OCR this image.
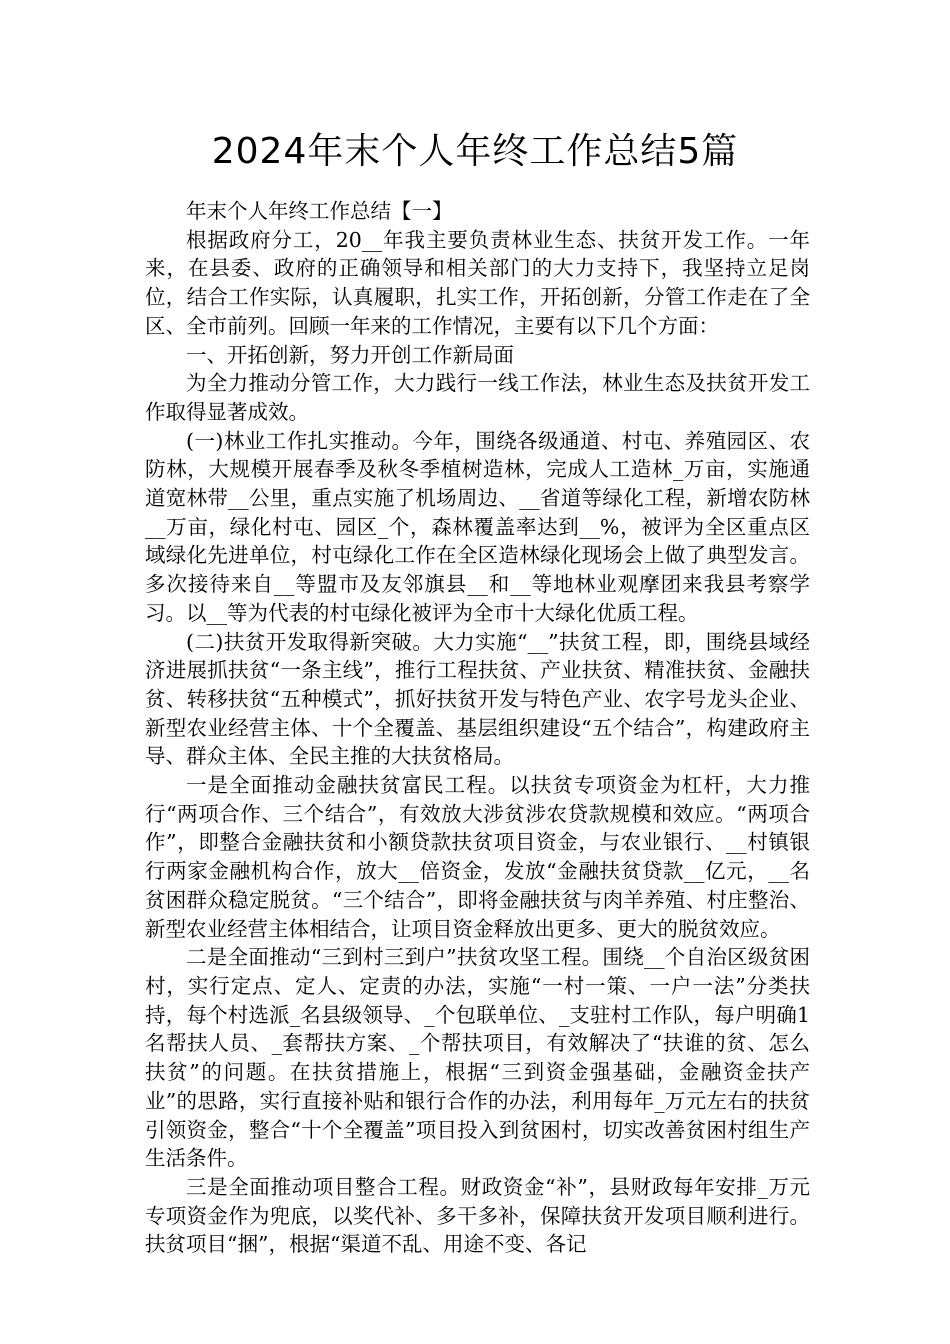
2024年末个人年终工作总结5篇

年末个人年终工作总结【一】

根据政府分工，20__年我主要负责林业生态、扶贫开发工作。一年来，在县委、政府的正确领导和相关部门的大力支持下，我坚持立足岗位，结合工作实际，认真履职，扎实工作，开拓创新，分管工作走在了全区、全市前列。回顾一年来的工作情况，主要有以下几个方面：

一、开拓创新，努力开创工作新局面

为全力推动分管工作，大力践行一线工作法，林业生态及扶贫开发工作取得显著成效。

(一)林业工作扎实推动。今年，围绕各级通道、村屯、养殖园区、农防林，大规模开展春季及秋冬季植树造林，完成人工造林_万亩，实施通道宽林带__公里，重点实施了机场周边、__省道等绿化工程，新增农防林__万亩，绿化村屯、园区_个，森林覆盖率达到__%，被评为全区重点区域绿化先进单位，村屯绿化工作在全区造林绿化现场会上做了典型发言。多次接待来自__等盟市及友邻旗县__和__等地林业观摩团来我县考察学习。以__等为代表的村屯绿化被评为全市十大绿化优质工程。

(二)扶贫开发取得新突破。大力实施“__”扶贫工程，即，围绕县域经济进展抓扶贫“一条主线”，推行工程扶贫、产业扶贫、精准扶贫、金融扶贫、转移扶贫“五种模式”，抓好扶贫开发与特色产业、农字号龙头企业、新型农业经营主体、十个全覆盖、基层组织建设“五个结合”，构建政府主导、群众主体、全民主推的大扶贫格局。

一是全面推动金融扶贫富民工程。以扶贫专项资金为杠杆，大力推行“两项合作、三个结合”，有效放大涉贫涉农贷款规模和效应。“两项合作”，即整合金融扶贫和小额贷款扶贫项目资金，与农业银行、__村镇银行两家金融机构合作，放大__倍资金，发放“金融扶贫贷款__亿元，__名贫困群众稳定脱贫。“三个结合”，即将金融扶贫与肉羊养殖、村庄整治、新型农业经营主体相结合，让项目资金释放出更多、更大的脱贫效应。

二是全面推动“三到村三到户”扶贫攻坚工程。围绕__个自治区级贫困村，实行定点、定人、定责的办法，实施“一村一策、一户一法”分类扶持，每个村选派_名县级领导、_个包联单位、_支驻村工作队，每户明确1名帮扶人员、_套帮扶方案、_个帮扶项目，有效解决了“扶谁的贫、怎么扶贫”的问题。在扶贫措施上，根据“三到资金强基础，金融资金扶产业”的思路，实行直接补贴和银行合作的办法，利用每年_万元左右的扶贫引领资金，整合“十个全覆盖”项目投入到贫困村，切实改善贫困村组生产生活条件。

三是全面推动项目整合工程。财政资金“补”，县财政每年安排_万元专项资金作为兜底，以奖代补、多干多补，保障扶贫开发项目顺利进行。扶贫项目“捆”，根据“渠道不乱、用途不变、各记
